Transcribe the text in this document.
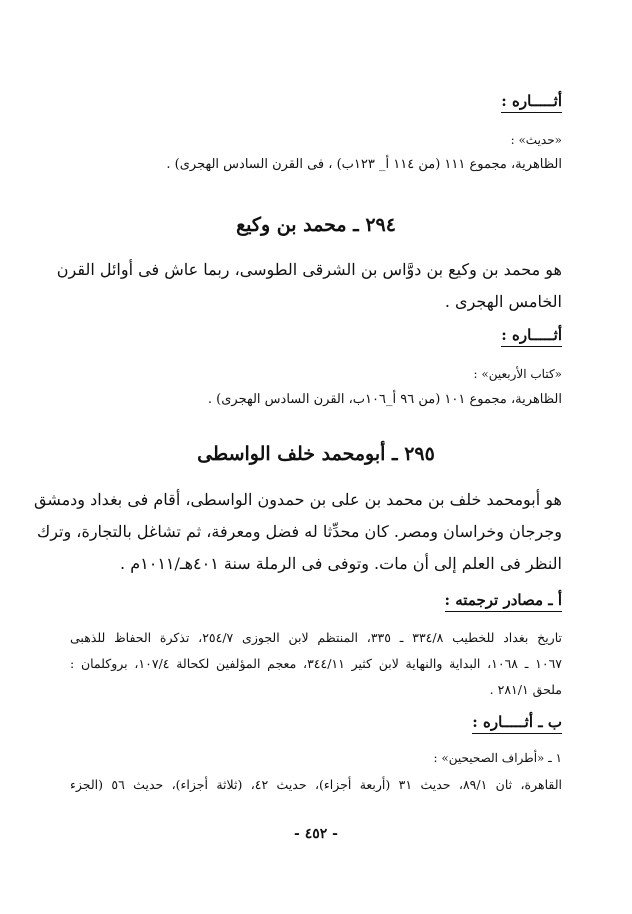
أثـــــاره :
«حديث» :
الظاهرية، مجموع ١١١ (من ١١٤ أ_ ١٢٣ب) ، فى القرن السادس الهجرى) .
٢٩٤ ـ محمد بن وكيع
هو محمد بن وكيع بن دوَّاس بن الشرقى الطوسى، ربما عاش فى أوائل القرن
الخامس الهجرى .
أثـــــاره :
«كتاب الأربعين» :
الظاهرية، مجموع ١٠١ (من ٩٦ أ_١٠٦ب، القرن السادس الهجرى) .
٢٩٥ ـ أبومحمد خلف الواسطى
هو أبومحمد خلف بن محمد بن على بن حمدون الواسطى، أقام فى بغداد ودمشق
وجرجان وخراسان ومصر. كان محدِّثا له فضل ومعرفة، ثم تشاغل بالتجارة، وترك
النظر فى العلم إلى أن مات. وتوفى فى الرملة سنة ٤٠١هـ/١٠١١م .
أ ـ مصادر ترجمته :
تاريخ بغداد للخطيب ٣٣٤/٨ ـ ٣٣٥، المنتظم لابن الجوزى ٢٥٤/٧، تذكرة الحفاظ للذهبى
١٠٦٧ ـ ١٠٦٨، البداية والنهاية لابن كثير ٣٤٤/١١، معجم المؤلفين لكحالة ١٠٧/٤، بروكلمان :
ملحق ٢٨١/١ .
ب ـ أثـــــاره :
١ ـ «أطراف الصحيحين» :
القاهرة، ثان ٨٩/١، حديث ٣١ (أربعة أجزاء)، حديث ٤٢، (ثلاثة أجزاء)، حديث ٥٦ (الجزء
- ٤٥٢ -
